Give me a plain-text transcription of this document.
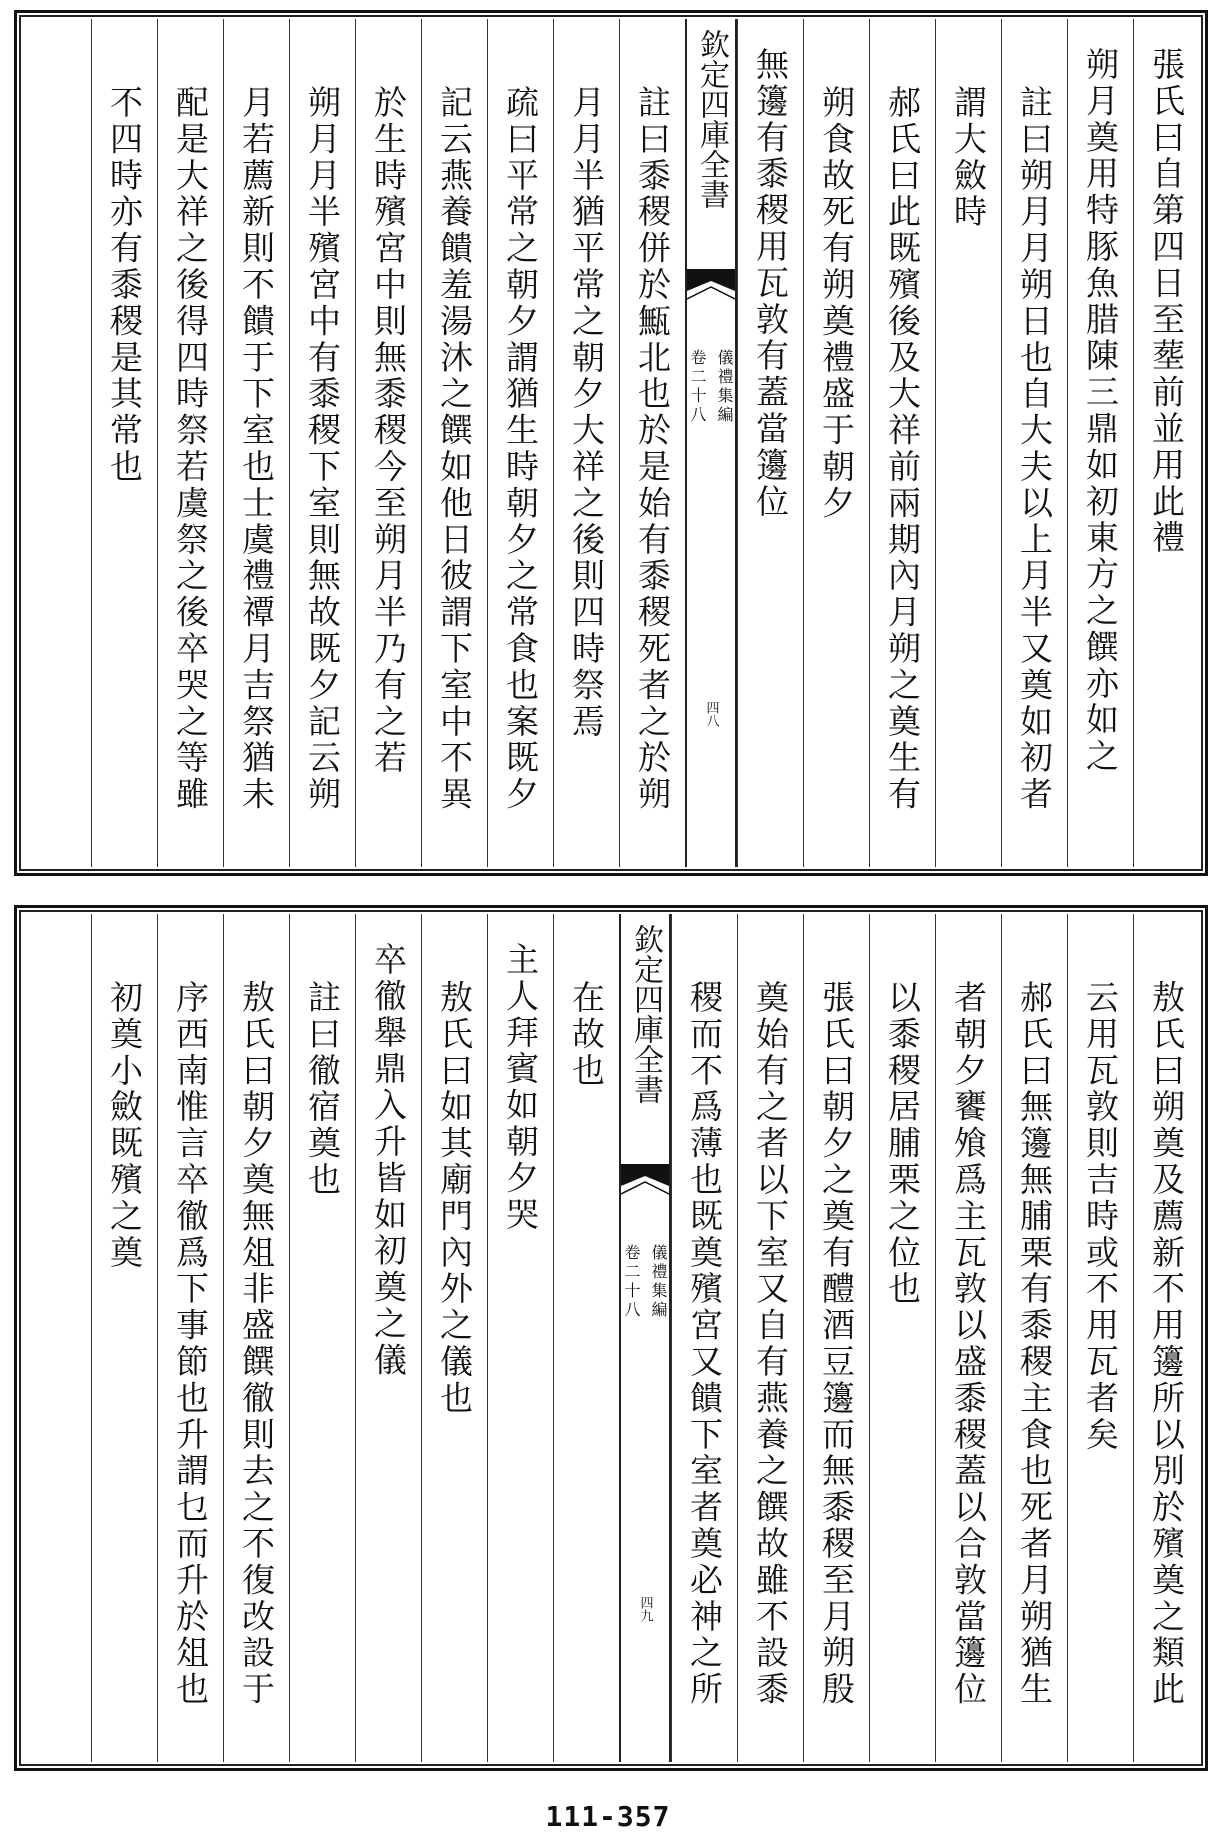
張氏曰自第四日至塟前並用此禮
朔月奠用特豚魚腊陳三鼎如初東方之饌亦如之
註曰朔月月朔日也自大夫以上月半又奠如初者
謂大斂時
郝氏曰此既殯後及大祥前兩期內月朔之奠生有
朔食故死有朔奠禮盛于朝夕
無籩有黍稷用瓦敦有蓋當籩位
欽定四庫全書
儀禮集編
卷二十八
四八
註曰黍稷併於甒北也於是始有黍稷死者之於朔
月月半猶平常之朝夕大祥之後則四時祭焉
疏曰平常之朝夕謂猶生時朝夕之常食也案既夕
記云燕養饋羞湯沐之饌如他日彼謂下室中不異
於生時殯宮中則無黍稷今至朔月半乃有之若
朔月月半殯宮中有黍稷下室則無故既夕記云朔
月若薦新則不饋于下室也士虞禮禫月吉祭猶未
配是大祥之後得四時祭若虞祭之後卒哭之等雖
不四時亦有黍稷是其常也
敖氏曰朔奠及薦新不用籩所以別於殯奠之類此
云用瓦敦則吉時或不用瓦者矣
郝氏曰無籩無脯栗有黍稷主食也死者月朔猶生
者朝夕饔飧爲主瓦敦以盛黍稷蓋以合敦當籩位
以黍稷居脯栗之位也
張氏曰朝夕之奠有醴酒豆籩而無黍稷至月朔殷
奠始有之者以下室又自有燕養之饌故雖不設黍
稷而不爲薄也既奠殯宮又饋下室者奠必神之所
欽定四庫全書
儀禮集編
卷二十八
四九
在故也
主人拜賓如朝夕哭
敖氏曰如其廟門內外之儀也
卒徹舉鼎入升皆如初奠之儀
註曰徹宿奠也
敖氏曰朝夕奠無俎非盛饌徹則去之不復改設于
序西南惟言卒徹爲下事節也升謂乜而升於俎也
初奠小斂既殯之奠
111-357
